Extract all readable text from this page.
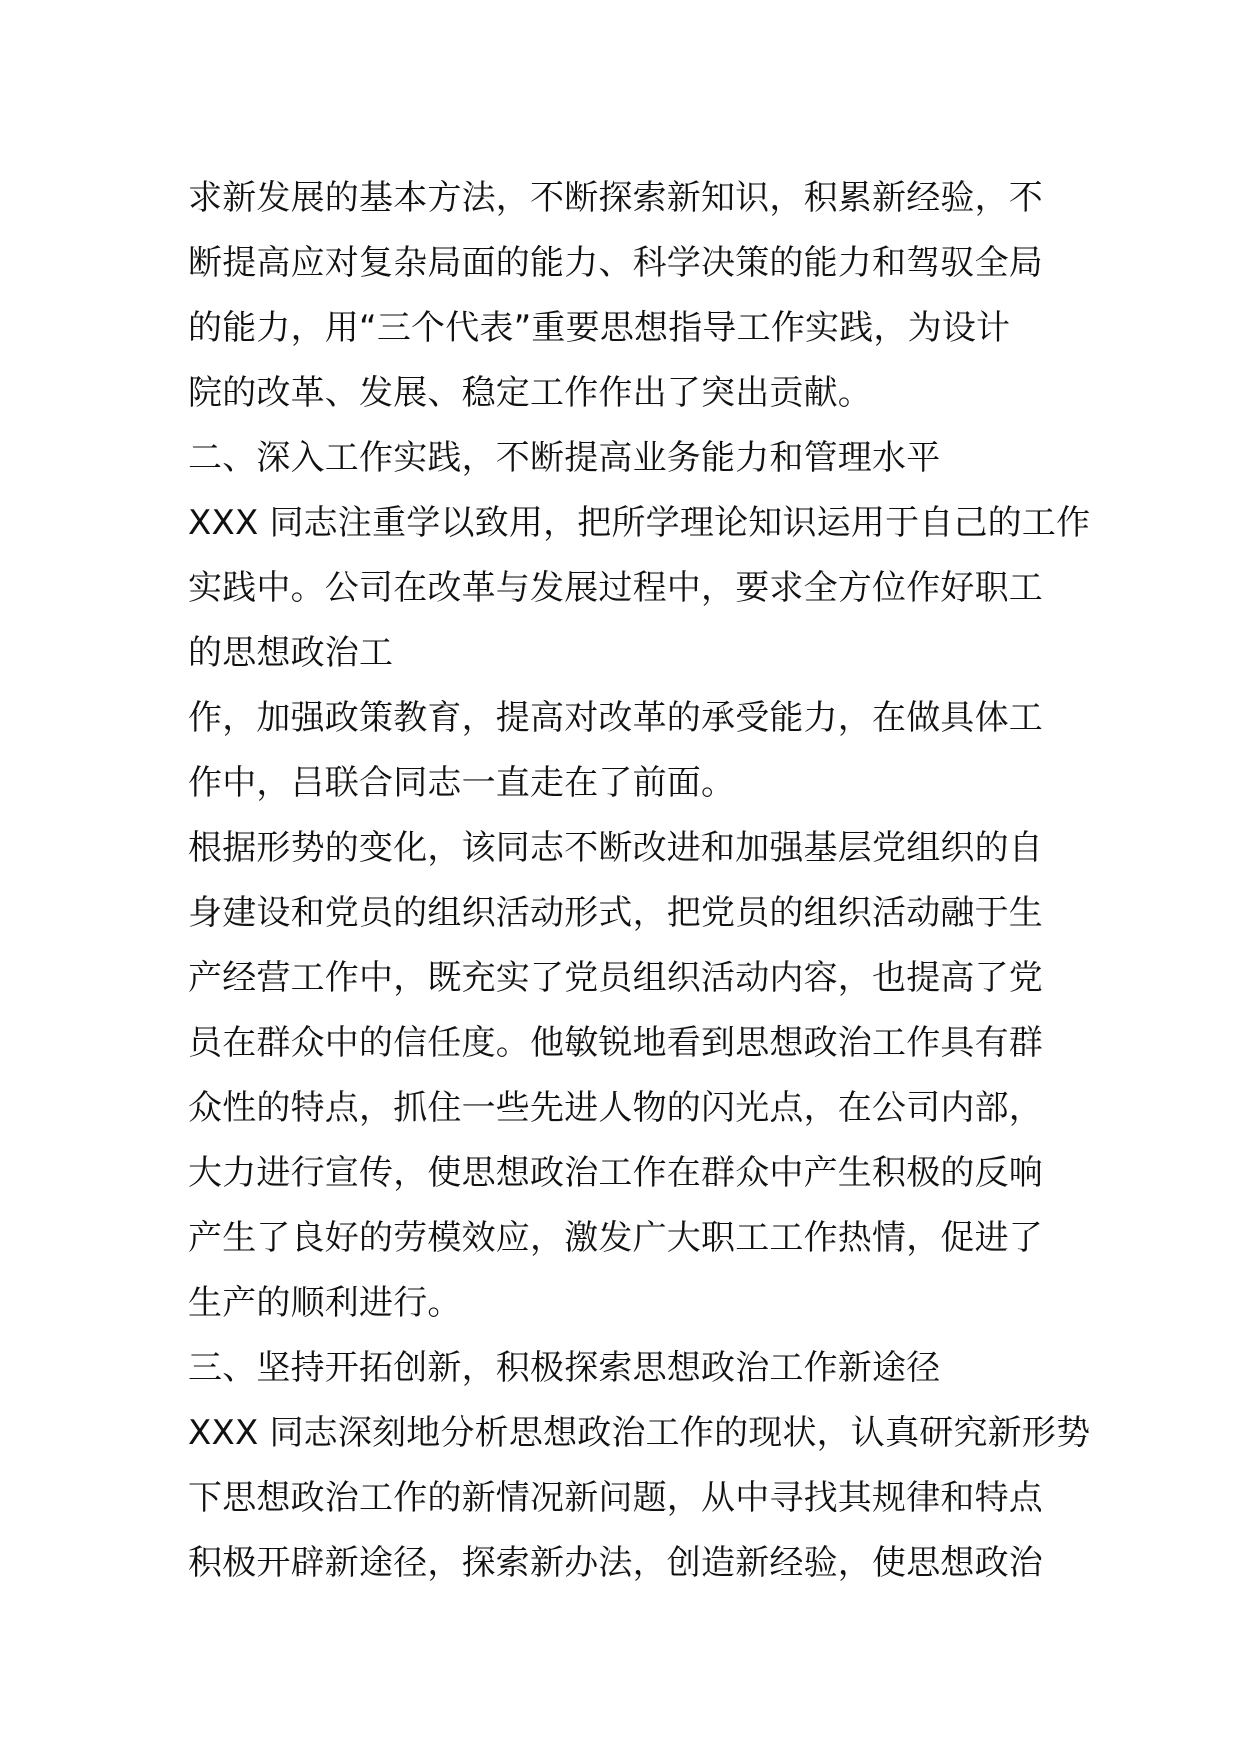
求新发展的基本方法，不断探索新知识，积累新经验，不
断提高应对复杂局面的能力、科学决策的能力和驾驭全局
的能力，用“三个代表”重要思想指导工作实践，为设计
院的改革、发展、稳定工作作出了突出贡献。
二、深入工作实践，不断提高业务能力和管理水平
XXX 同志注重学以致用，把所学理论知识运用于自己的工作
实践中。公司在改革与发展过程中，要求全方位作好职工
的思想政治工
作，加强政策教育，提高对改革的承受能力，在做具体工
作中，吕联合同志一直走在了前面。
根据形势的变化，该同志不断改进和加强基层党组织的自
身建设和党员的组织活动形式，把党员的组织活动融于生
产经营工作中，既充实了党员组织活动内容，也提高了党
员在群众中的信任度。他敏锐地看到思想政治工作具有群
众性的特点，抓住一些先进人物的闪光点，在公司内部，
大力进行宣传，使思想政治工作在群众中产生积极的反响
产生了良好的劳模效应，激发广大职工工作热情，促进了
生产的顺利进行。
三、坚持开拓创新，积极探索思想政治工作新途径
XXX 同志深刻地分析思想政治工作的现状，认真研究新形势
下思想政治工作的新情况新问题，从中寻找其规律和特点
积极开辟新途径，探索新办法，创造新经验，使思想政治
